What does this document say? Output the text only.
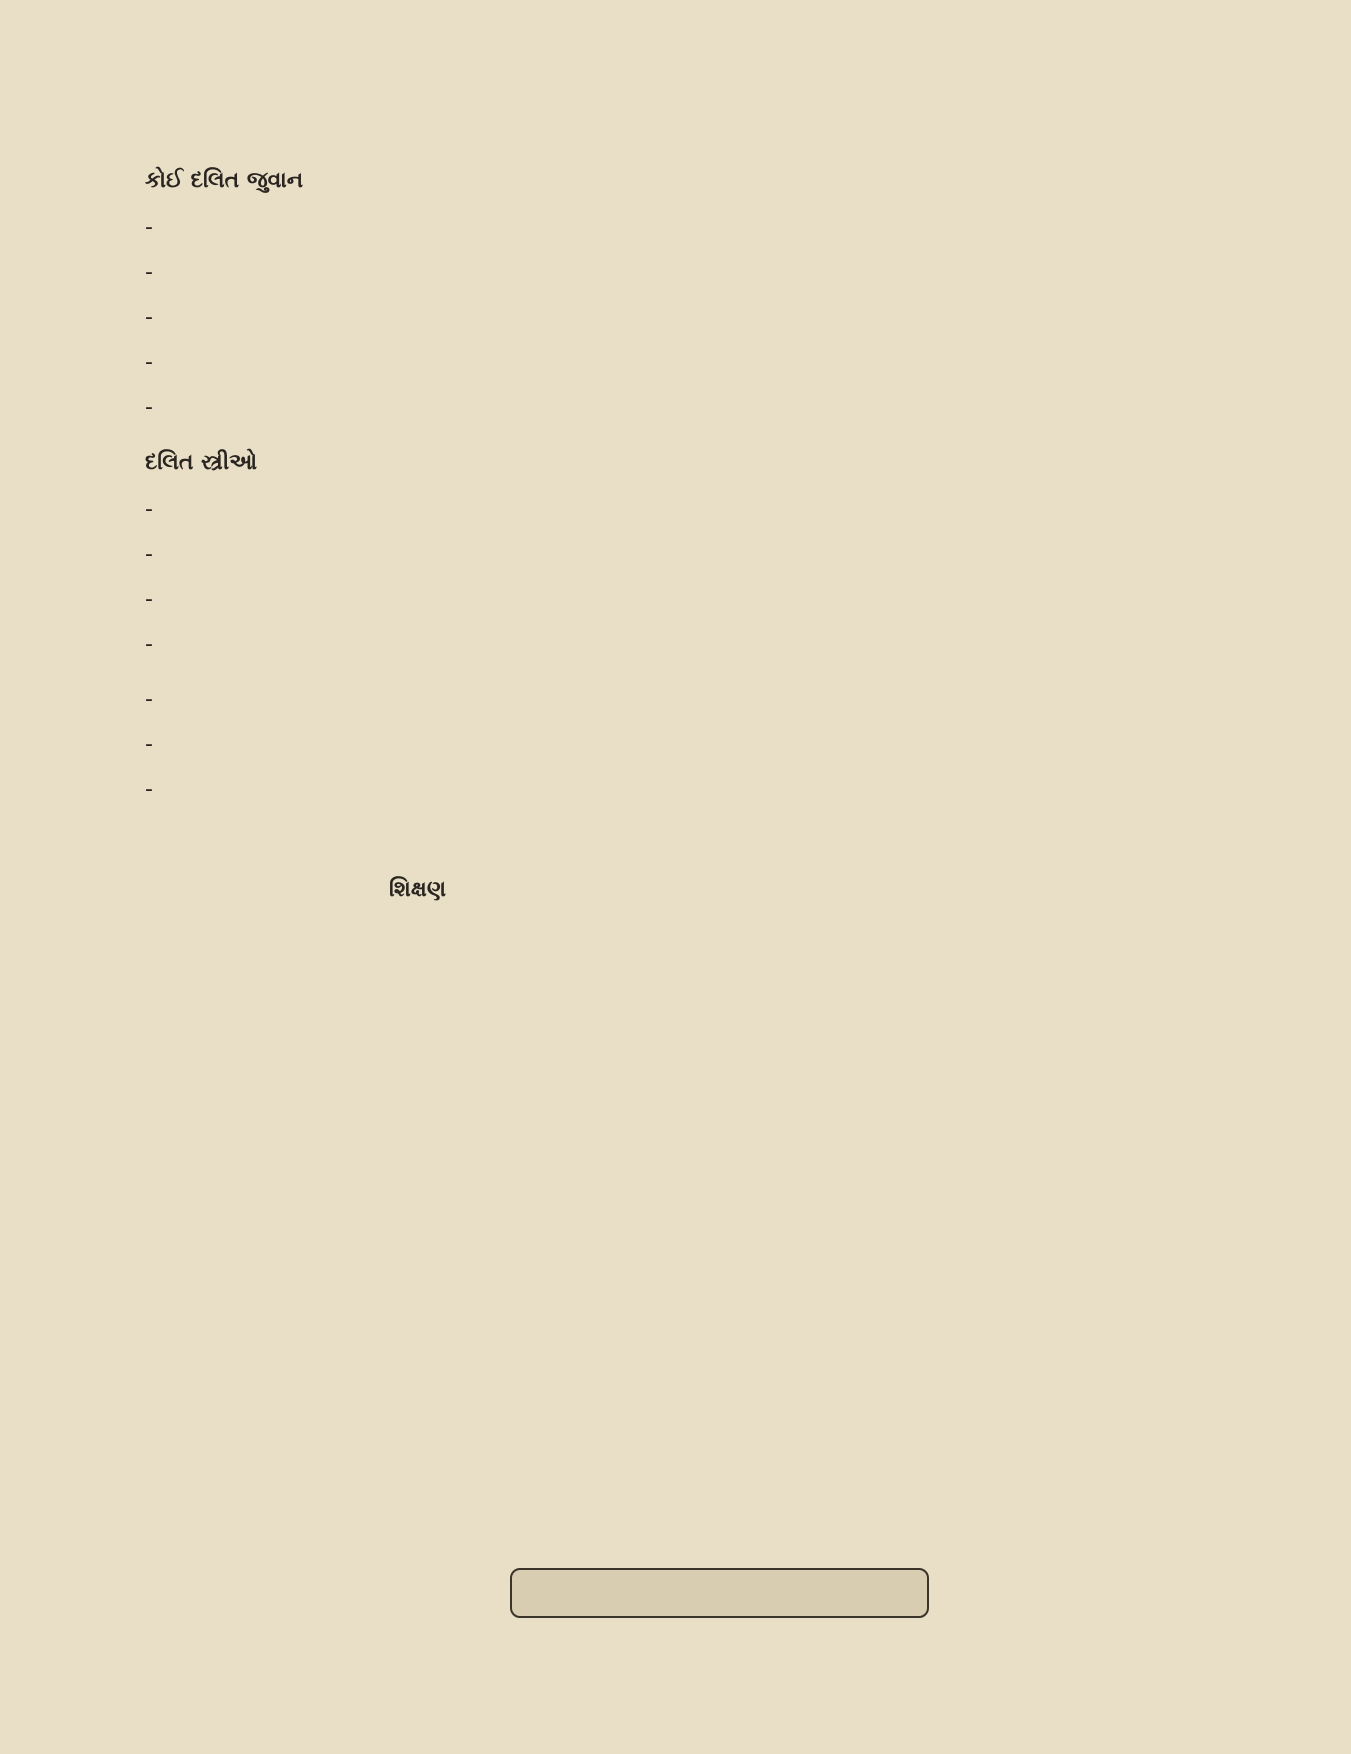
કોઈ દલિત જુવાન
-
-
-
-
-
દલિત સ્ત્રીઓ
-
-
-
-
-
-
-

શિક્ષણ
